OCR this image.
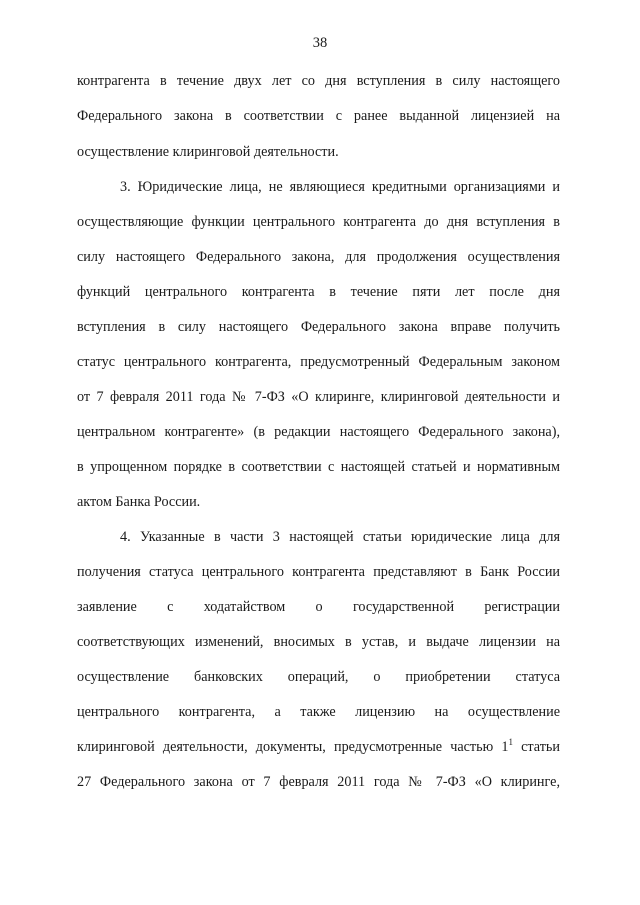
38
контрагента в течение двух лет со дня вступления в силу настоящего
Федерального закона в соответствии с ранее выданной лицензией на
осуществление клиринговой деятельности.
3. Юридические лица, не являющиеся кредитными организациями и
осуществляющие функции центрального контрагента до дня вступления в
силу настоящего Федерального закона, для продолжения осуществления
функций центрального контрагента в течение пяти лет после дня
вступления в силу настоящего Федерального закона вправе получить
статус центрального контрагента, предусмотренный Федеральным законом
от 7 февраля 2011 года № 7-ФЗ «О клиринге, клиринговой деятельности и
центральном контрагенте» (в редакции настоящего Федерального закона),
в упрощенном порядке в соответствии с настоящей статьей и нормативным
актом Банка России.
4. Указанные в части 3 настоящей статьи юридические лица для
получения статуса центрального контрагента представляют в Банк России
заявление с ходатайством о государственной регистрации
соответствующих изменений, вносимых в устав, и выдаче лицензии на
осуществление банковских операций, о приобретении статуса
центрального контрагента, а также лицензию на осуществление
клиринговой деятельности, документы, предусмотренные частью $1^1$ статьи
27 Федерального закона от 7 февраля 2011 года № 7-ФЗ «О клиринге,
